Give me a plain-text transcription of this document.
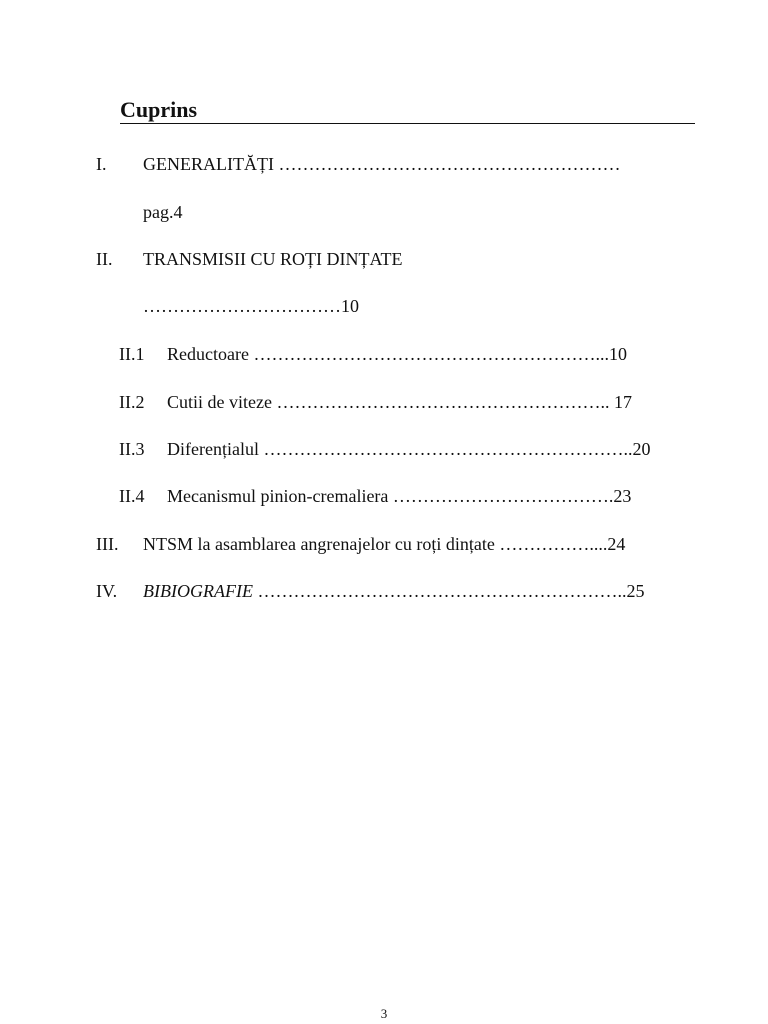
Cuprins
I. GENERALITĂȚI …………………………………………………
pag.4
II. TRANSMISII CU ROȚI DINȚATE
……………………………10
II.1 Reductoare …………………………………………………...10
II.2 Cutii de viteze ……………………………………………….. 17
II.3 Diferențialul ……………………………………………………..20
II.4 Mecanismul pinion-cremaliera ……………………………….23
III. NTSM la asamblarea angrenajelor cu roți dințate ……………....24
IV. BIBIOGRAFIE ……………………………………………………..25
3
